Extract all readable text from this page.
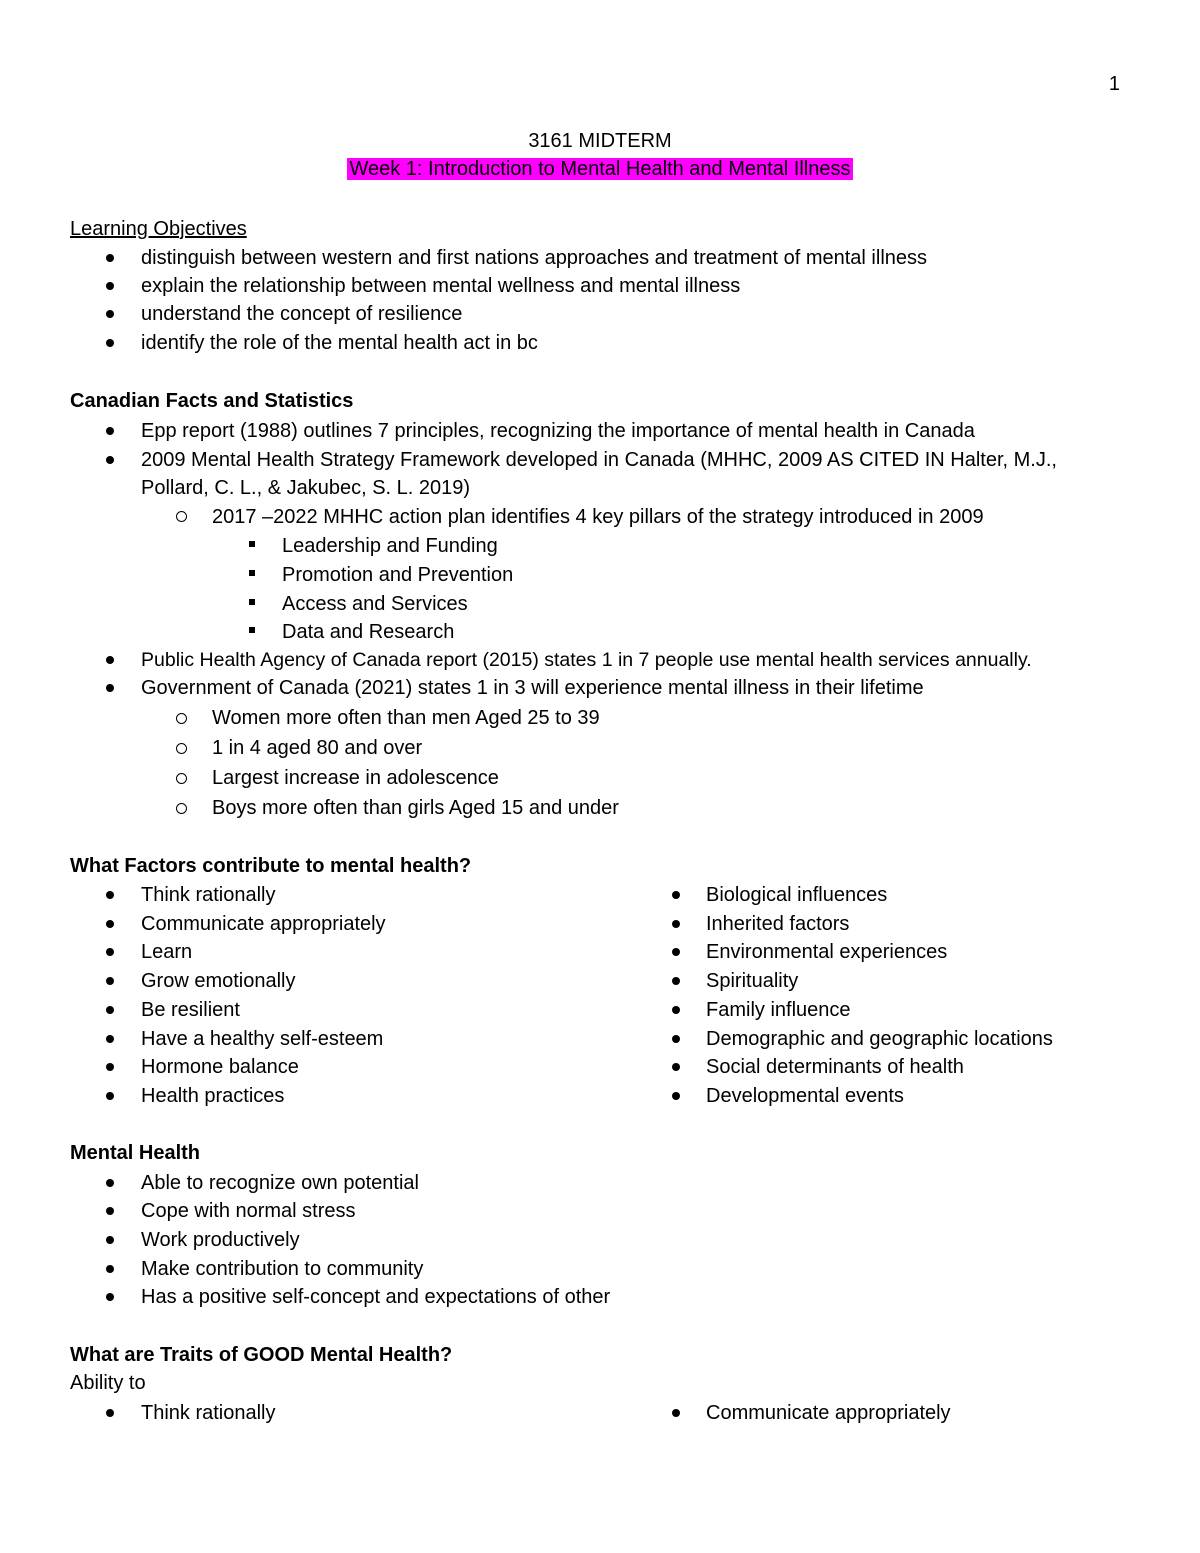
1
3161 MIDTERM
Week 1: Introduction to Mental Health and Mental Illness
Learning Objectives
distinguish between western and first nations approaches and treatment of mental illness
explain the relationship between mental wellness and mental illness
understand the concept of resilience
identify the role of the mental health act in bc
Canadian Facts and Statistics
Epp report (1988) outlines 7 principles, recognizing the importance of mental health in Canada
2009 Mental Health Strategy Framework developed in Canada (MHHC, 2009 AS CITED IN Halter, M.J.,
Pollard, C. L., & Jakubec, S. L. 2019)
2017 –2022 MHHC action plan identifies 4 key pillars of the strategy introduced in 2009
Leadership and Funding
Promotion and Prevention
Access and Services
Data and Research
Public Health Agency of Canada report (2015) states 1 in 7 people use mental health services annually.
Government of Canada (2021) states 1 in 3 will experience mental illness in their lifetime
Women more often than men Aged 25 to 39
1 in 4 aged 80 and over
Largest increase in adolescence
Boys more often than girls Aged 15 and under
What Factors contribute to mental health?
Think rationally
Communicate appropriately
Learn
Grow emotionally
Be resilient
Have a healthy self-esteem
Hormone balance
Health practices
Biological influences
Inherited factors
Environmental experiences
Spirituality
Family influence
Demographic and geographic locations
Social determinants of health
Developmental events
Mental Health
Able to recognize own potential
Cope with normal stress
Work productively
Make contribution to community
Has a positive self-concept and expectations of other
What are Traits of GOOD Mental Health?
Ability to
Think rationally	Communicate appropriately
